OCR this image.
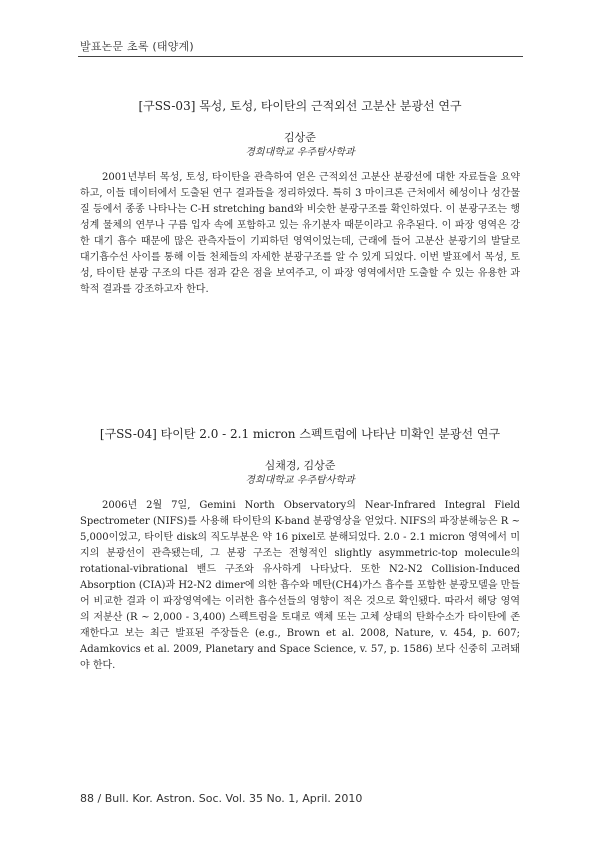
발표논문 초록 (태양계)

[구SS-03] 목성, 토성, 타이탄의 근적외선 고분산 분광선 연구

김상준
경희대학교 우주탐사학과
2001년부터 목성, 토성, 타이탄을 관측하여 얻은 근적외선 고분산 분광선에 대한 자료들을 요약하고, 이들 데이터에서 도출된 연구 결과들을 정리하였다. 특히 3 마이크론 근처에서 혜성이나 성간물질 등에서 종종 나타나는 C-H stretching band와 비슷한 분광구조를 확인하였다. 이 분광구조는 행성계 물체의 연무나 구름 입자 속에 포함하고 있는 유기분자 때문이라고 유추된다. 이 파장 영역은 강한 대기 흡수 때문에 많은 관측자들이 기피하던 영역이었는데, 근래에 들어 고분산 분광기의 발달로 대기흡수선 사이를 통해 이들 천체들의 자세한 분광구조를 알 수 있게 되었다. 이번 발표에서 목성, 토성, 타이탄 분광 구조의 다른 점과 같은 점을 보여주고, 이 파장 영역에서만 도출할 수 있는 유용한 과학적 결과를 강조하고자 한다.

[구SS-04] 타이탄 2.0 - 2.1 micron 스펙트럼에 나타난 미확인 분광선 연구

심채경, 김상준
경희대학교 우주탐사학과
2006년 2월 7일, Gemini North Observatory의 Near-Infrared Integral Field Spectrometer (NIFS)를 사용해 타이탄의 K-band 분광영상을 얻었다. NIFS의 파장분해능은 R ~ 5,000이었고, 타이탄 disk의 직도부분은 약 16 pixel로 분해되었다. 2.0 - 2.1 micron 영역에서 미지의 분광선이 관측됐는데, 그 분광 구조는 전형적인 slightly asymmetric-top molecule의 rotational-vibrational 밴드 구조와 유사하게 나타났다. 또한 N2-N2 Collision-Induced Absorption (CIA)과 H2-N2 dimer에 의한 흡수와 메탄(CH4)가스 흡수를 포함한 분광모델을 만들어 비교한 결과 이 파장영역에는 이러한 흡수선들의 영향이 적은 것으로 확인됐다. 따라서 해당 영역의 저분산 (R ~ 2,000 - 3,400) 스펙트럼을 토대로 액체 또는 고체 상태의 탄화수소가 타이탄에 존재한다고 보는 최근 발표된 주장들은 (e.g., Brown et al. 2008, Nature, v. 454, p. 607; Adamkovics et al. 2009, Planetary and Space Science, v. 57, p. 1586) 보다 신중히 고려돼야 한다.
88 / Bull. Kor. Astron. Soc. Vol. 35 No. 1, April. 2010
